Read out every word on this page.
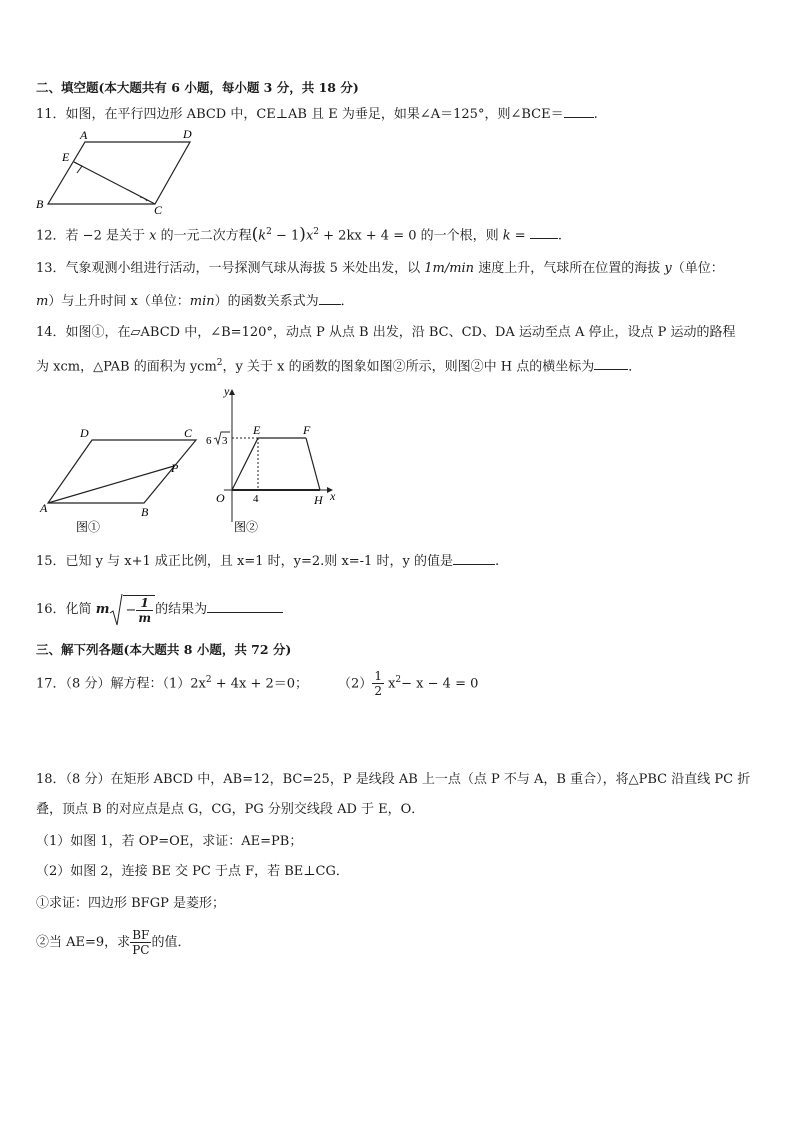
二、填空题(本大题共有 6 小题，每小题 3 分，共 18 分)
11．如图，在平行四边形 ABCD 中，CE⊥AB 且 E 为垂足，如果∠A＝125°，则∠BCE＝ .
A	D
E
B	C
12．若 −2 是关于 x 的一元二次方程$(k^2 - 1)x^2 + 2kx + 4 = 0$ 的一个根，则 k = .
13．气象观测小组进行活动，一号探测气球从海拔 5 米处出发，以 1m/min 速度上升，气球所在位置的海拔 y（单位：
m）与上升时间 x（单位：min）的函数关系式为 ．
14．如图①，在▱ABCD 中，∠B=120°，动点 P 从点 B 出发，沿 BC、CD、DA 运动至点 A 停止，设点 P 运动的路程
为 xcm，△PAB 的面积为 ycm$^2$，y 关于 x 的函数的图象如图②所示，则图②中 H 点的横坐标为	．
D	C
P
A	B
图①
y
x
E	F
O	H
4
6 3
图②
15．已知 y 与 x+1 成正比例，且 x=1 时，y=2.则 x=-1 时，y 的值是	.
16．化简 $m - \frac{1}{m}$ 的结果为
三、解下列各题(本大题共 8 小题，共 72 分)
17．（8 分）解方程：$(1)2x^2 + 4x + 2=0$； $(2) \frac{1}{2} x^2- x - 4 = 0$
18．（8 分）在矩形 ABCD 中，AB=12，BC=25，P 是线段 AB 上一点（点 P 不与 A，B 重合），将△PBC 沿直线 PC 折
叠，顶点 B 的对应点是点 G，CG，PG 分别交线段 AD 于 E，O．
（1）如图 1，若 OP=OE，求证：AE=PB；
（2）如图 2，连接 BE 交 PC 于点 F，若 BE⊥CG．
①求证：四边形 BFGP 是菱形；
②当 AE=9，求 $\frac{BF}{PC}$ 的值．
